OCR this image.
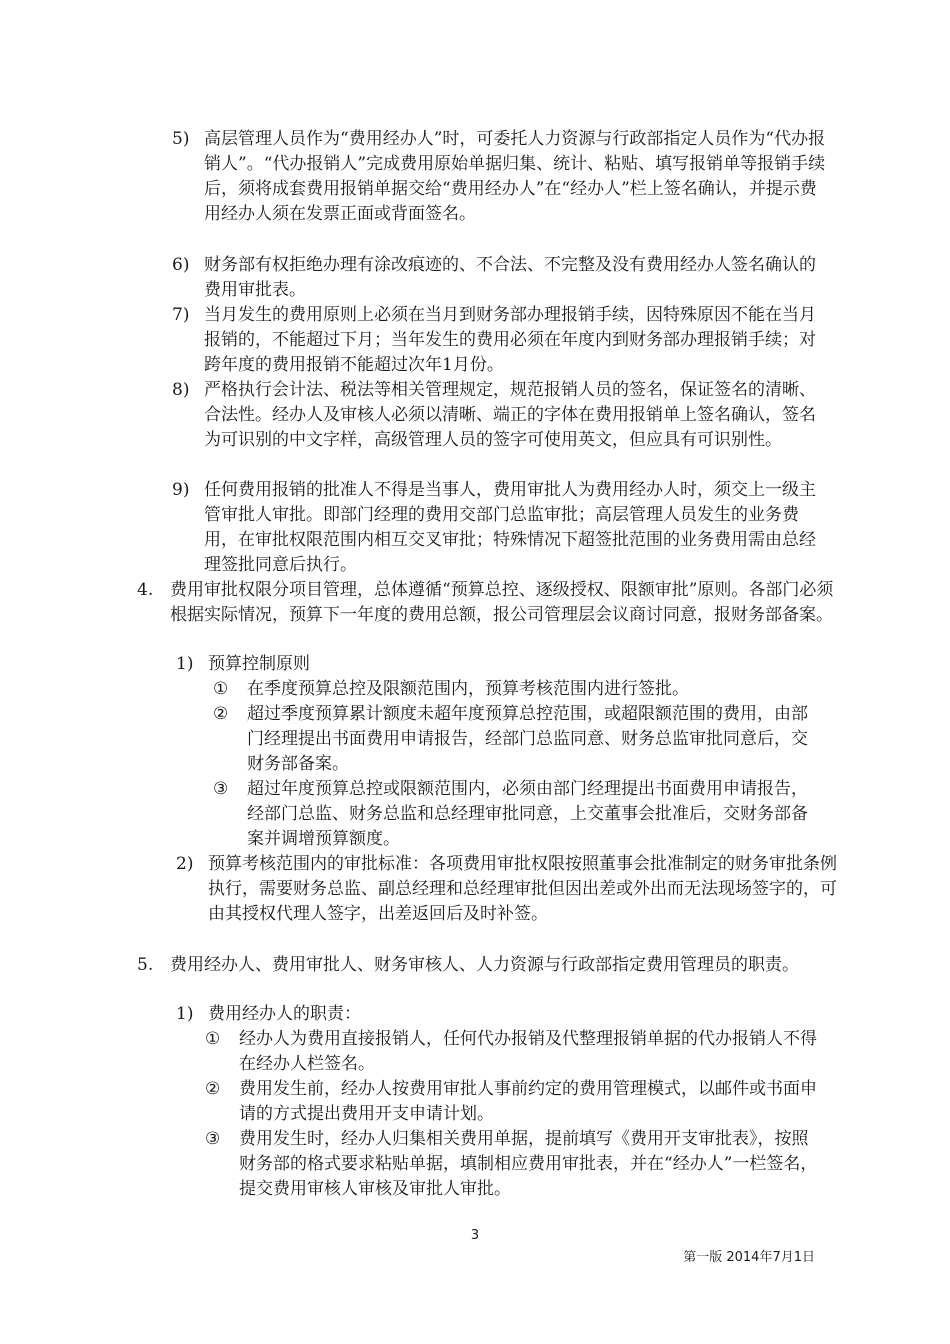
5) 高层管理人员作为“费用经办人”时，可委托人力资源与行政部指定人员作为“代办报销人”。“代办报销人”完成费用原始单据归集、统计、粘贴、填写报销单等报销手续后，须将成套费用报销单据交给“费用经办人”在“经办人”栏上签名确认，并提示费用经办人须在发票正面或背面签名。
6) 财务部有权拒绝办理有涂改痕迹的、不合法、不完整及没有费用经办人签名确认的费用审批表。
7) 当月发生的费用原则上必须在当月到财务部办理报销手续，因特殊原因不能在当月报销的，不能超过下月；当年发生的费用必须在年度内到财务部办理报销手续；对跨年度的费用报销不能超过次年1月份。
8) 严格执行会计法、税法等相关管理规定，规范报销人员的签名，保证签名的清晰、合法性。经办人及审核人必须以清晰、端正的字体在费用报销单上签名确认，签名为可识别的中文字样，高级管理人员的签字可使用英文，但应具有可识别性。
9) 任何费用报销的批准人不得是当事人，费用审批人为费用经办人时，须交上一级主管审批人审批。即部门经理的费用交部门总监审批；高层管理人员发生的业务费用，在审批权限范围内相互交叉审批；特殊情况下超签批范围的业务费用需由总经理签批同意后执行。
4. 费用审批权限分项目管理，总体遵循“预算总控、逐级授权、限额审批”原则。各部门必须根据实际情况，预算下一年度的费用总额，报公司管理层会议商讨同意，报财务部备案。
1) 预算控制原则
① 在季度预算总控及限额范围内，预算考核范围内进行签批。
② 超过季度预算累计额度未超年度预算总控范围，或超限额范围的费用，由部门经理提出书面费用申请报告，经部门总监同意、财务总监审批同意后，交财务部备案。
③ 超过年度预算总控或限额范围内，必须由部门经理提出书面费用申请报告，经部门总监、财务总监和总经理审批同意，上交董事会批准后，交财务部备案并调增预算额度。
2) 预算考核范围内的审批标准：各项费用审批权限按照董事会批准制定的财务审批条例执行，需要财务总监、副总经理和总经理审批但因出差或外出而无法现场签字的，可由其授权代理人签字，出差返回后及时补签。
5. 费用经办人、费用审批人、财务审核人、人力资源与行政部指定费用管理员的职责。
1) 费用经办人的职责：
① 经办人为费用直接报销人，任何代办报销及代整理报销单据的代办报销人不得在经办人栏签名。
② 费用发生前，经办人按费用审批人事前约定的费用管理模式，以邮件或书面申请的方式提出费用开支申请计划。
③ 费用发生时，经办人归集相关费用单据，提前填写《费用开支审批表》，按照财务部的格式要求粘贴单据，填制相应费用审批表，并在“经办人”一栏签名，提交费用审核人审核及审批人审批。
3
第一版 2014年7月1日
